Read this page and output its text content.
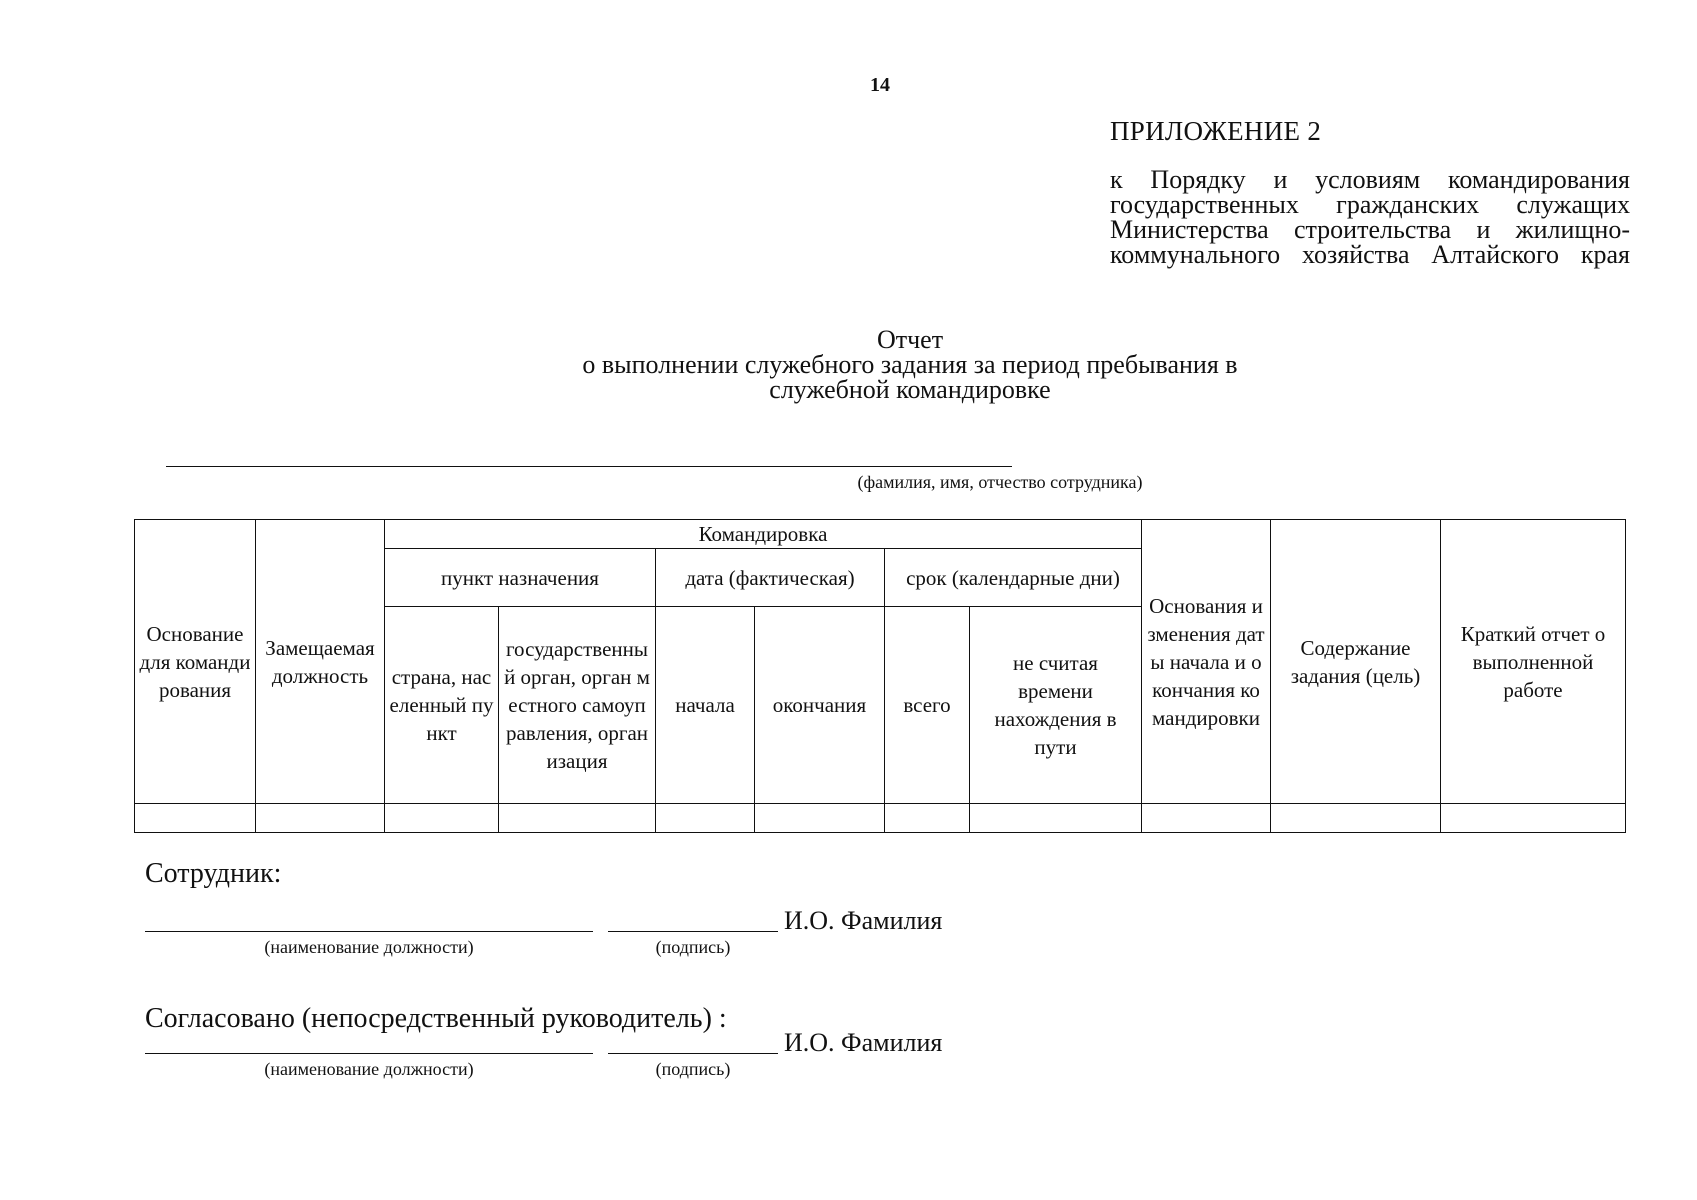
14
ПРИЛОЖЕНИЕ 2
к Порядку и условиям командирования государственных гражданских служащих Министерства строительства и жилищно-коммунального хозяйства Алтайского края
Отчет
о выполнении служебного задания за период пребывания в
служебной командировке
(фамилия, имя, отчество сотрудника)
Основание для командирования	Замещаемая должность	Командировка						Основания изменения даты начала и окончания командировки	Содержание задания (цель)	Краткий отчет о выполненной работе
		пункт назначения		дата (фактическая)		срок (календарные дни)				
		страна, населенный пункт	государственный орган, орган местного самоуправления, организация	начала	окончания	всего	не считая времени нахождения в пути			

Сотрудник:
И.О. Фамилия
(наименование должности)	(подпись)
Согласовано (непосредственный руководитель) :
И.О. Фамилия
(наименование должности)	(подпись)
